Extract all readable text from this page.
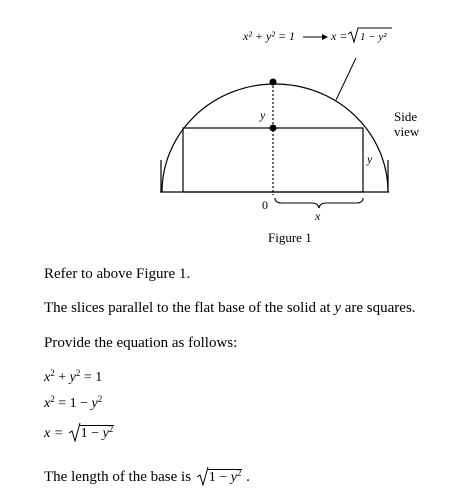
x² + y² = 1	x = 1 − y²
y
y
0
Side
view
x
Figure 1
Refer to above Figure 1.
The slices parallel to the flat base of the solid at y are squares.
Provide the equation as follows:
$x^2 + y^2 = 1$
$x^2 = 1 - y^2$
x =
$1 - y^2$
The length of the base is
$1 - y^2$ .
